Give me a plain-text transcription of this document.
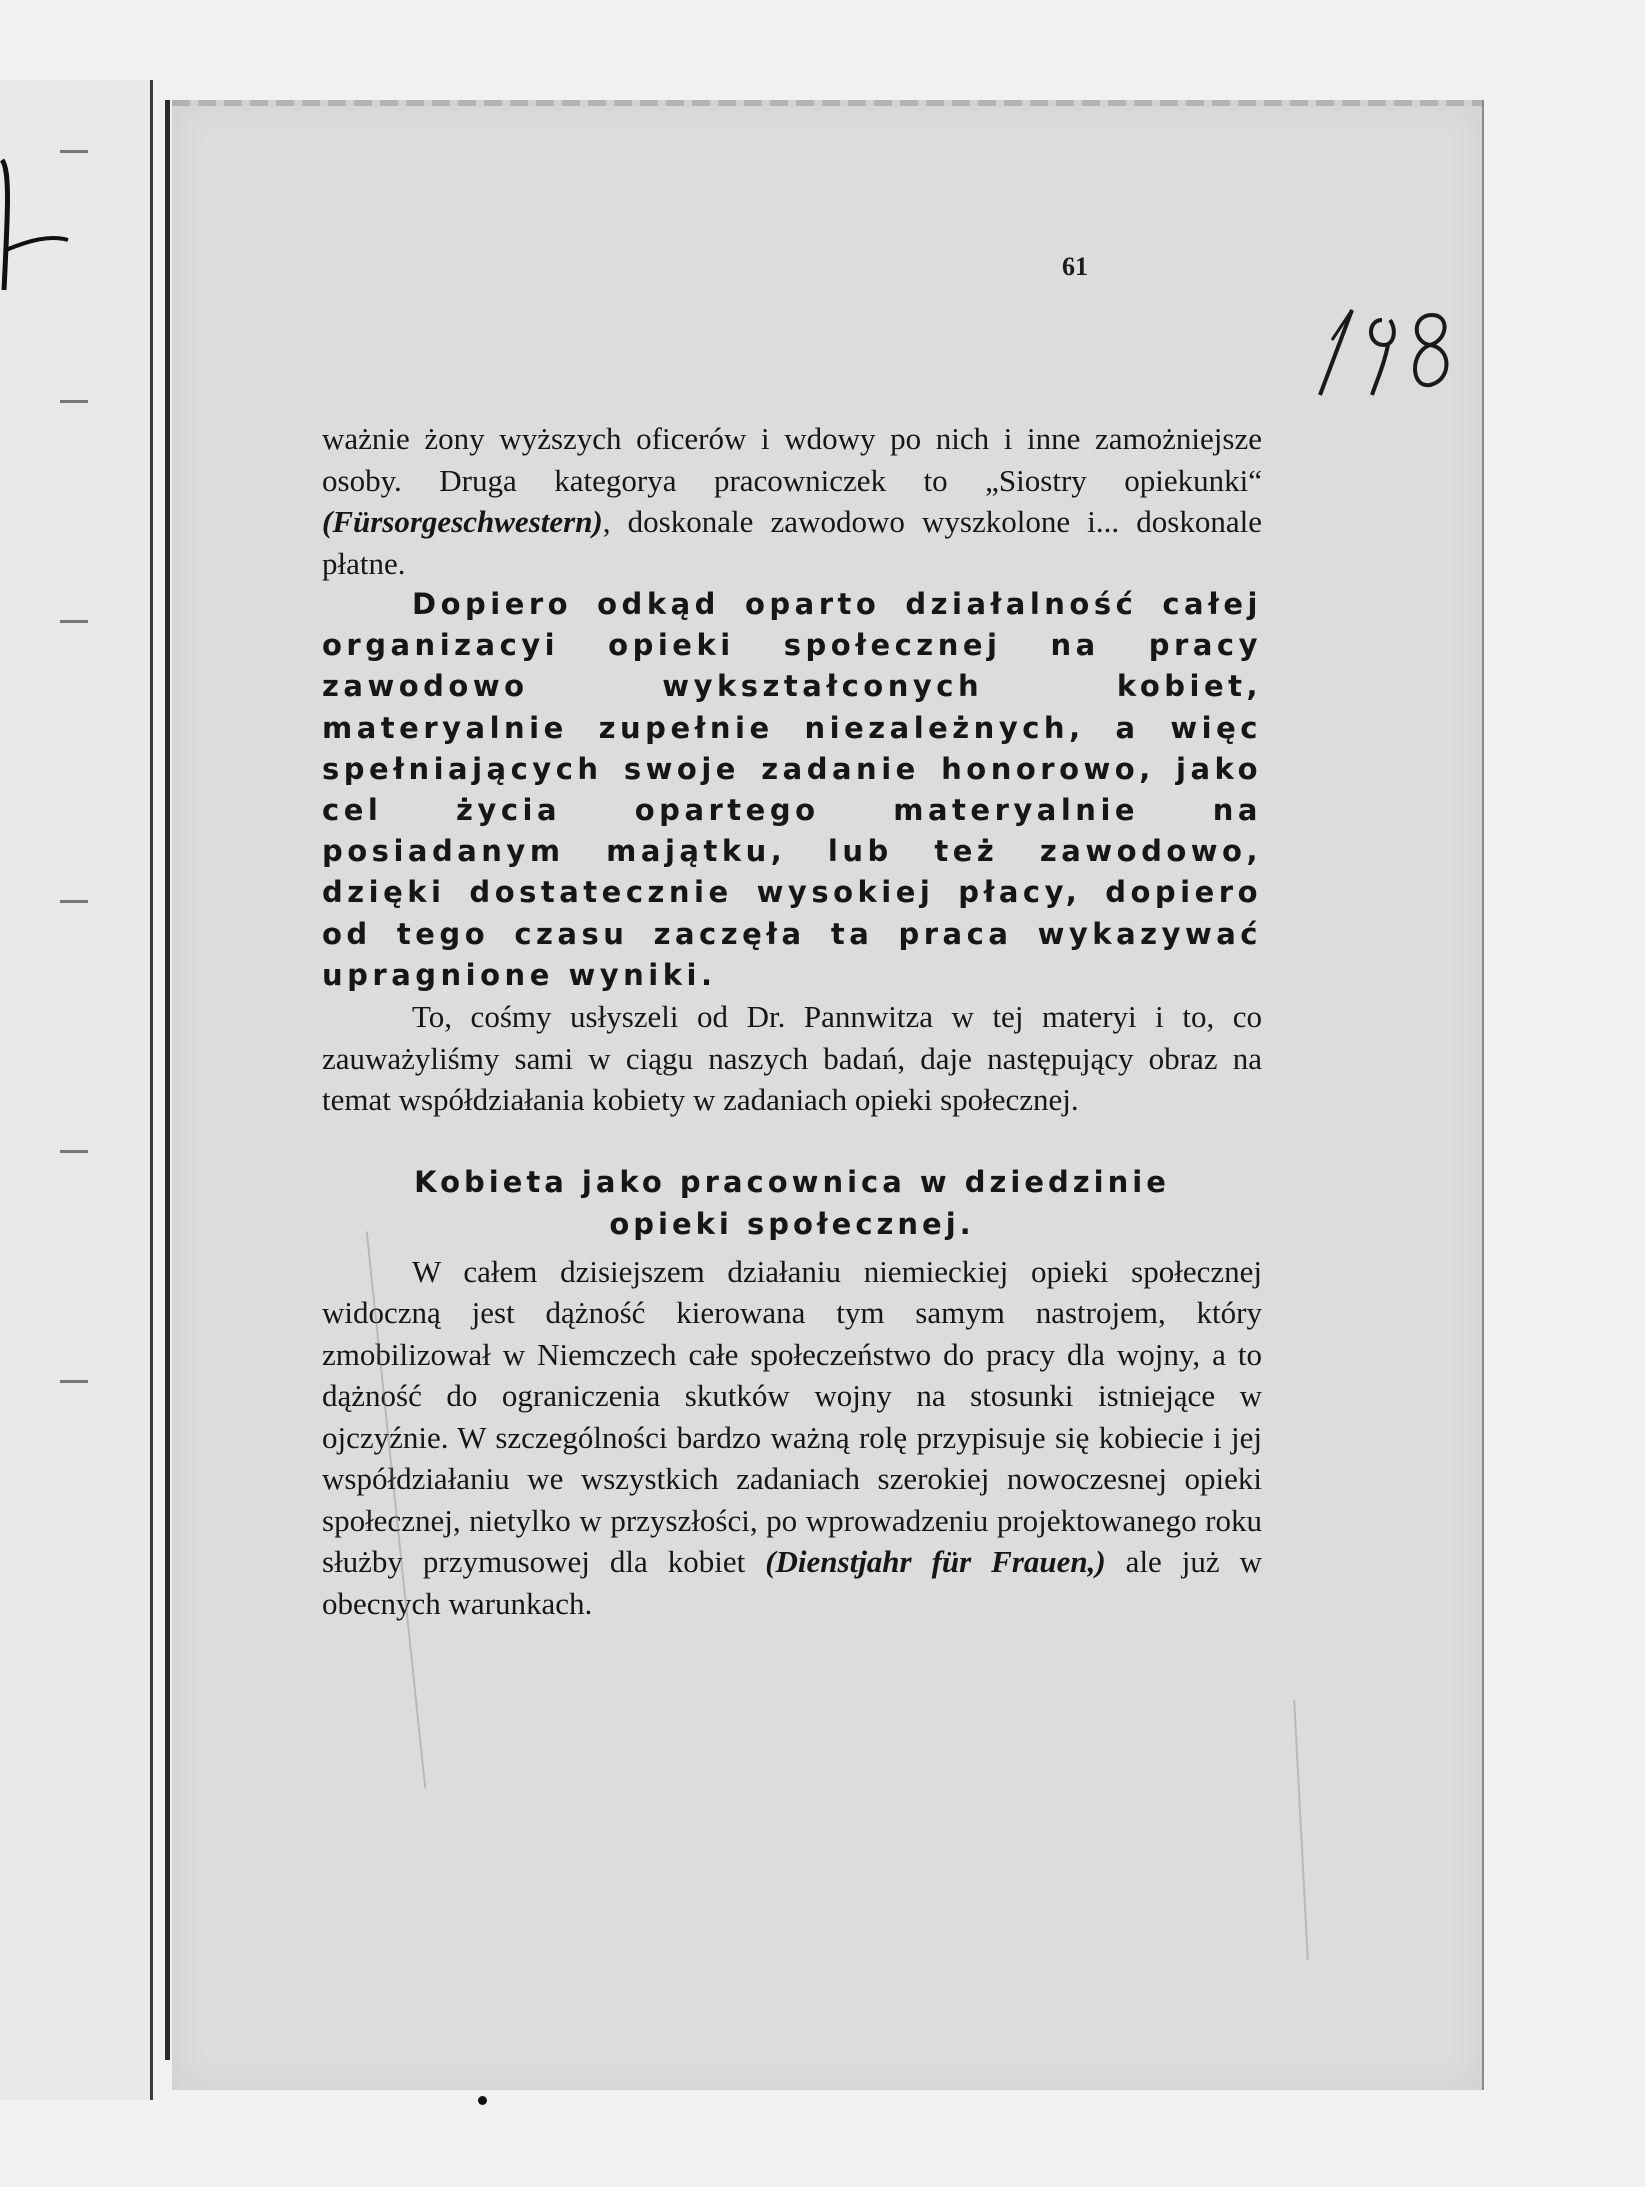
61

ważnie żony wyższych oficerów i wdowy po nich i inne zamożniejsze osoby. Druga kategorya pracowniczek to „Siostry opiekunki“ (Fürsorgeschwestern), doskonale zawodowo wyszkolone i... doskonale płatne.

Dopiero odkąd oparto działalność całej organizacyi opieki społecznej na pracy zawodowo wykształconych kobiet, materyalnie zupełnie niezależnych, a więc spełniających swoje zadanie honorowo, jako cel życia opartego materyalnie na posiadanym majątku, lub też zawodowo, dzięki dostatecznie wysokiej płacy, dopiero od tego czasu zaczęła ta praca wykazywać upragnione wyniki.

To, cośmy usłyszeli od Dr. Pannwitza w tej materyi i to, co zauważyliśmy sami w ciągu naszych badań, daje następujący obraz na temat współdziałania kobiety w zadaniach opieki społecznej.

Kobieta jako pracownica w dziedzinie
opieki społecznej.

W całem dzisiejszem działaniu niemieckiej opieki społecznej widoczną jest dążność kierowana tym samym nastrojem, który zmobilizował w Niemczech całe społeczeństwo do pracy dla wojny, a to dążność do ograniczenia skutków wojny na stosunki istniejące w ojczyźnie. W szczególności bardzo ważną rolę przypisuje się kobiecie i jej współdziałaniu we wszystkich zadaniach szerokiej nowoczesnej opieki społecznej, nietylko w przyszłości, po wprowadzeniu projektowanego roku służby przymusowej dla kobiet (Dienstjahr für Frauen,) ale już w obecnych warunkach.
